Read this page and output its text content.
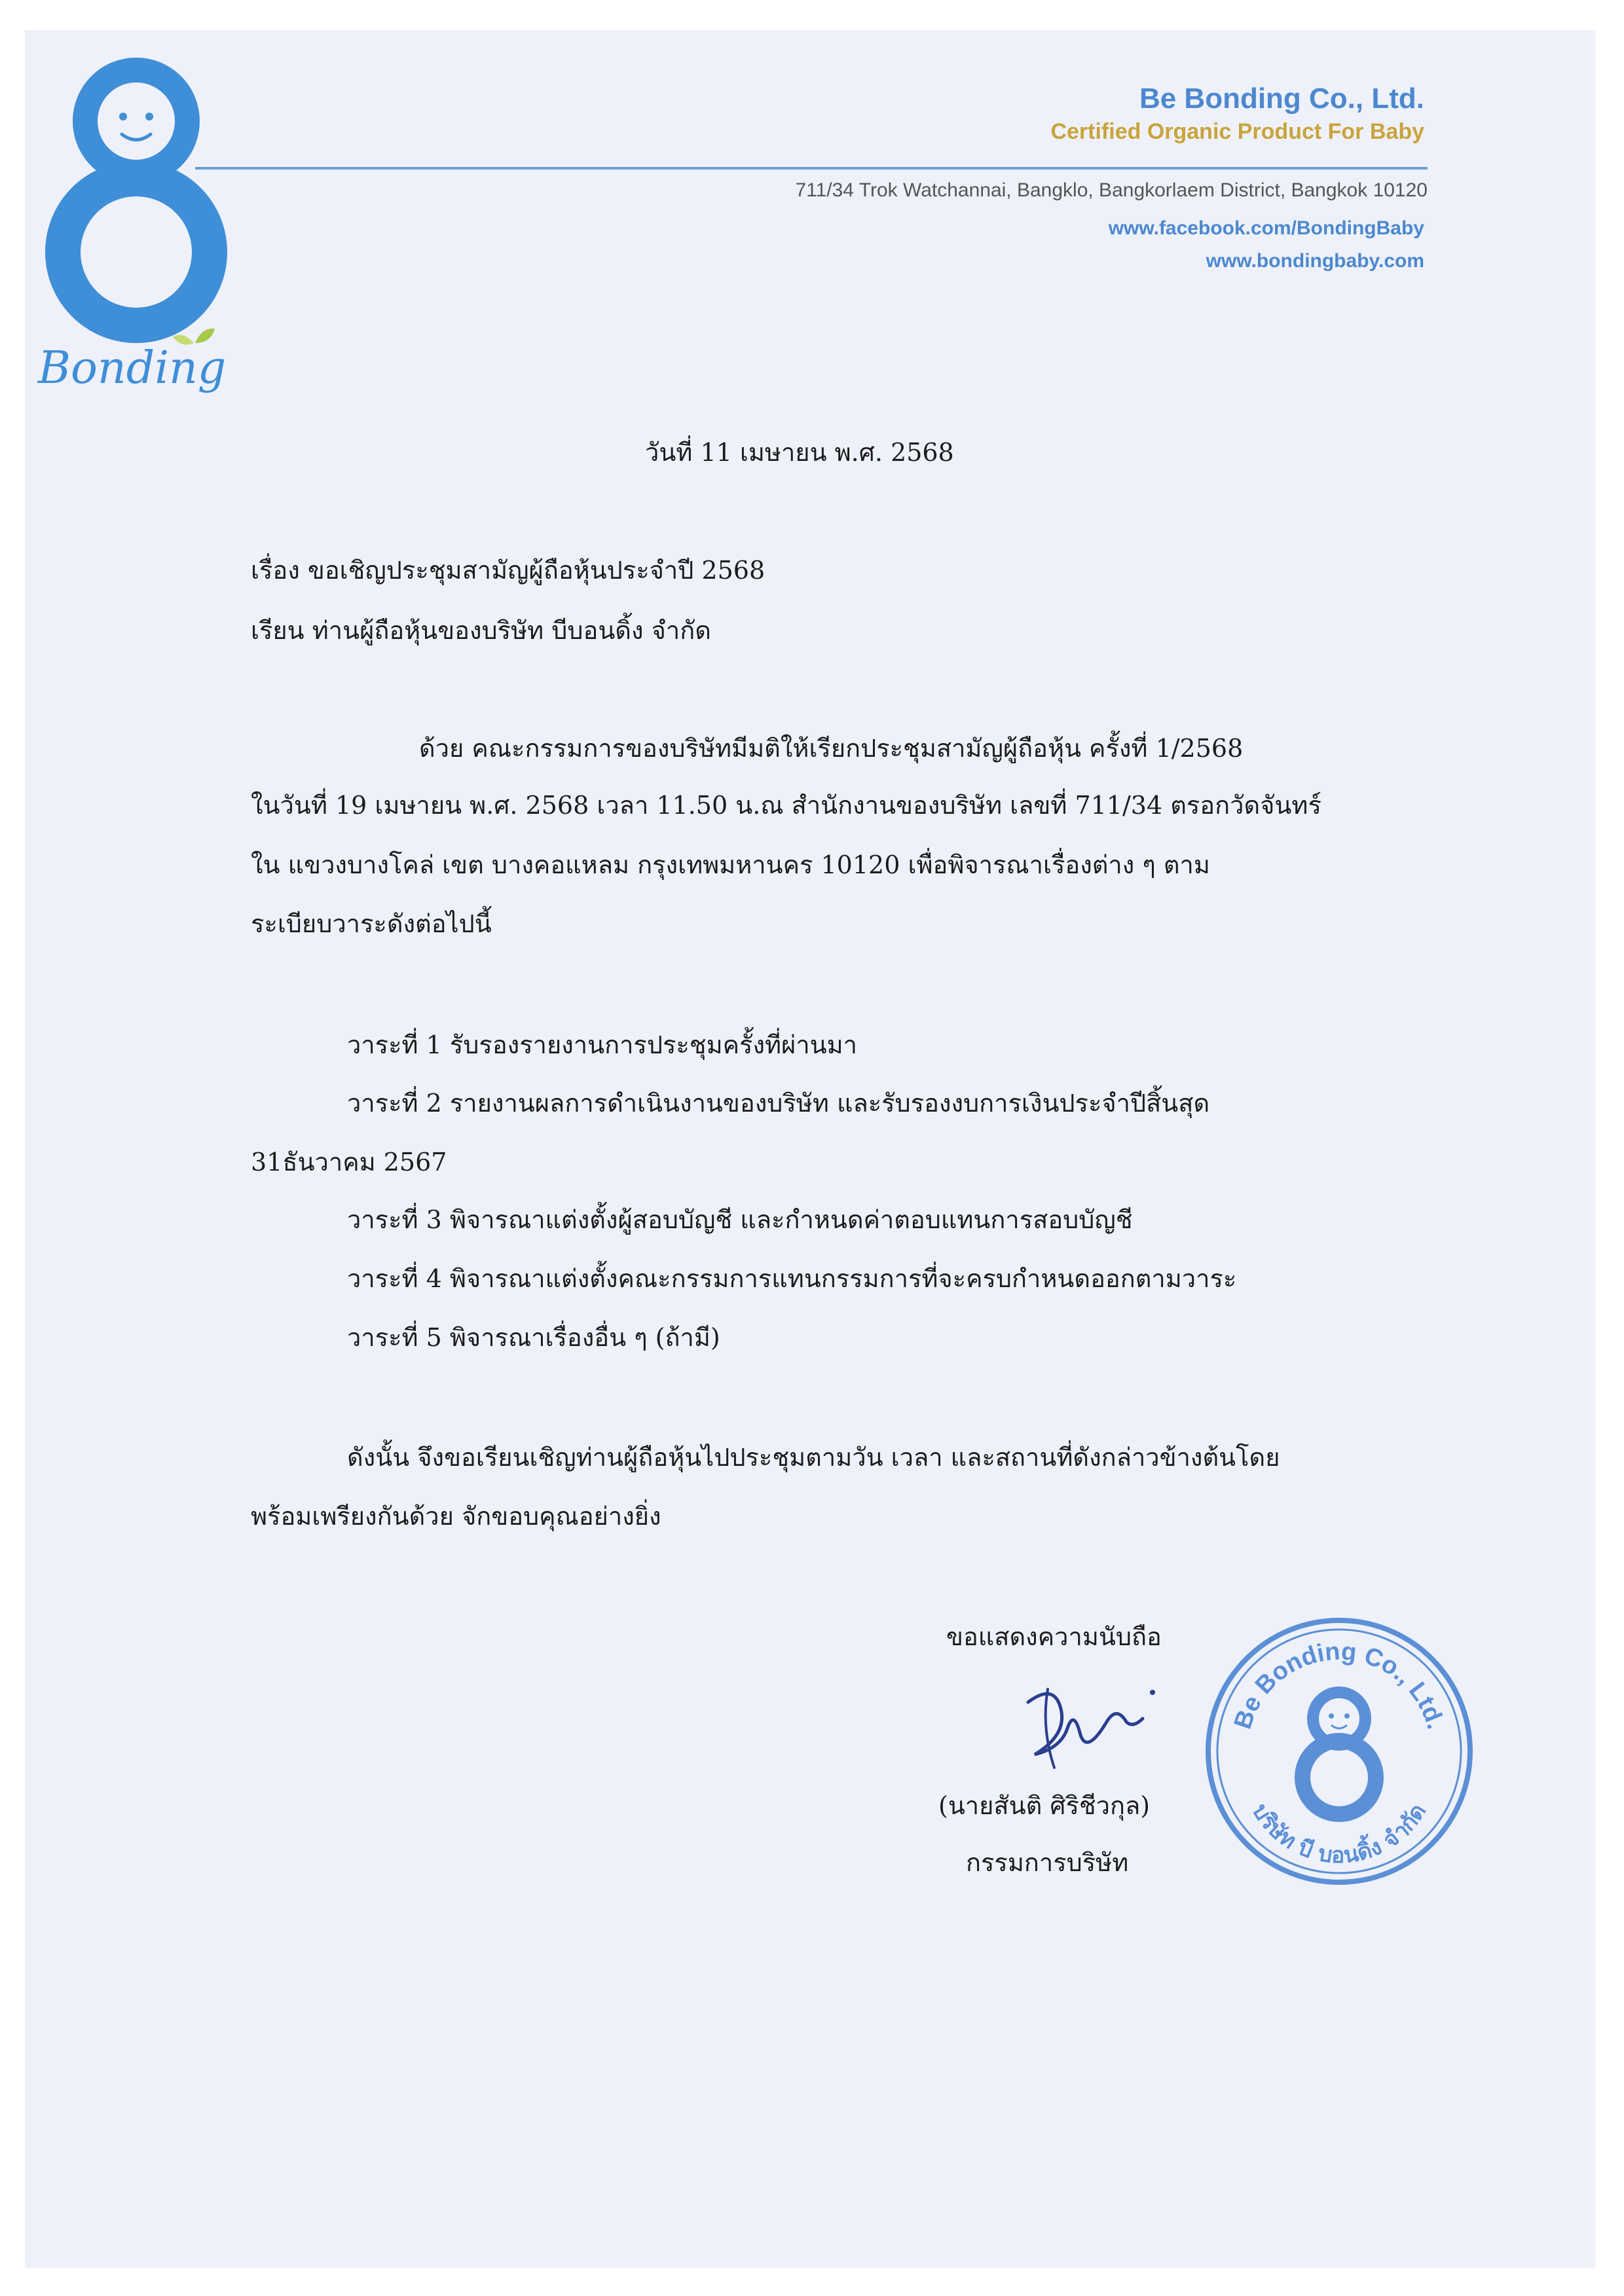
Bonding
Be Bonding Co., Ltd.
Certified Organic Product For Baby
711/34 Trok Watchannai, Bangklo, Bangkorlaem District, Bangkok 10120
www.facebook.com/BondingBaby
www.bondingbaby.com
วันที่ 11 เมษายน พ.ศ. 2568
เรื่อง ขอเชิญประชุมสามัญผู้ถือหุ้นประจำปี 2568
เรียน ท่านผู้ถือหุ้นของบริษัท บีบอนดิ้ง จำกัด
ด้วย คณะกรรมการของบริษัทมีมติให้เรียกประชุมสามัญผู้ถือหุ้น ครั้งที่ 1/2568
ในวันที่ 19 เมษายน พ.ศ. 2568 เวลา 11.50 น.ณ สำนักงานของบริษัท เลขที่ 711/34 ตรอกวัดจันทร์
ใน แขวงบางโคล่ เขต บางคอแหลม กรุงเทพมหานคร 10120 เพื่อพิจารณาเรื่องต่าง ๆ ตาม
ระเบียบวาระดังต่อไปนี้
วาระที่ 1 รับรองรายงานการประชุมครั้งที่ผ่านมา
วาระที่ 2 รายงานผลการดำเนินงานของบริษัท และรับรองงบการเงินประจำปีสิ้นสุด
31ธันวาคม 2567
วาระที่ 3 พิจารณาแต่งตั้งผู้สอบบัญชี และกำหนดค่าตอบแทนการสอบบัญชี
วาระที่ 4 พิจารณาแต่งตั้งคณะกรรมการแทนกรรมการที่จะครบกำหนดออกตามวาระ
วาระที่ 5 พิจารณาเรื่องอื่น ๆ (ถ้ามี)
ดังนั้น จึงขอเรียนเชิญท่านผู้ถือหุ้นไปประชุมตามวัน เวลา และสถานที่ดังกล่าวข้างต้นโดย
พร้อมเพรียงกันด้วย จักขอบคุณอย่างยิ่ง
ขอแสดงความนับถือ
(นายสันติ ศิริชีวกุล)
กรรมการบริษัท
Be Bonding Co., Ltd.
บริษัท บี บอนดิ้ง จำกัด
